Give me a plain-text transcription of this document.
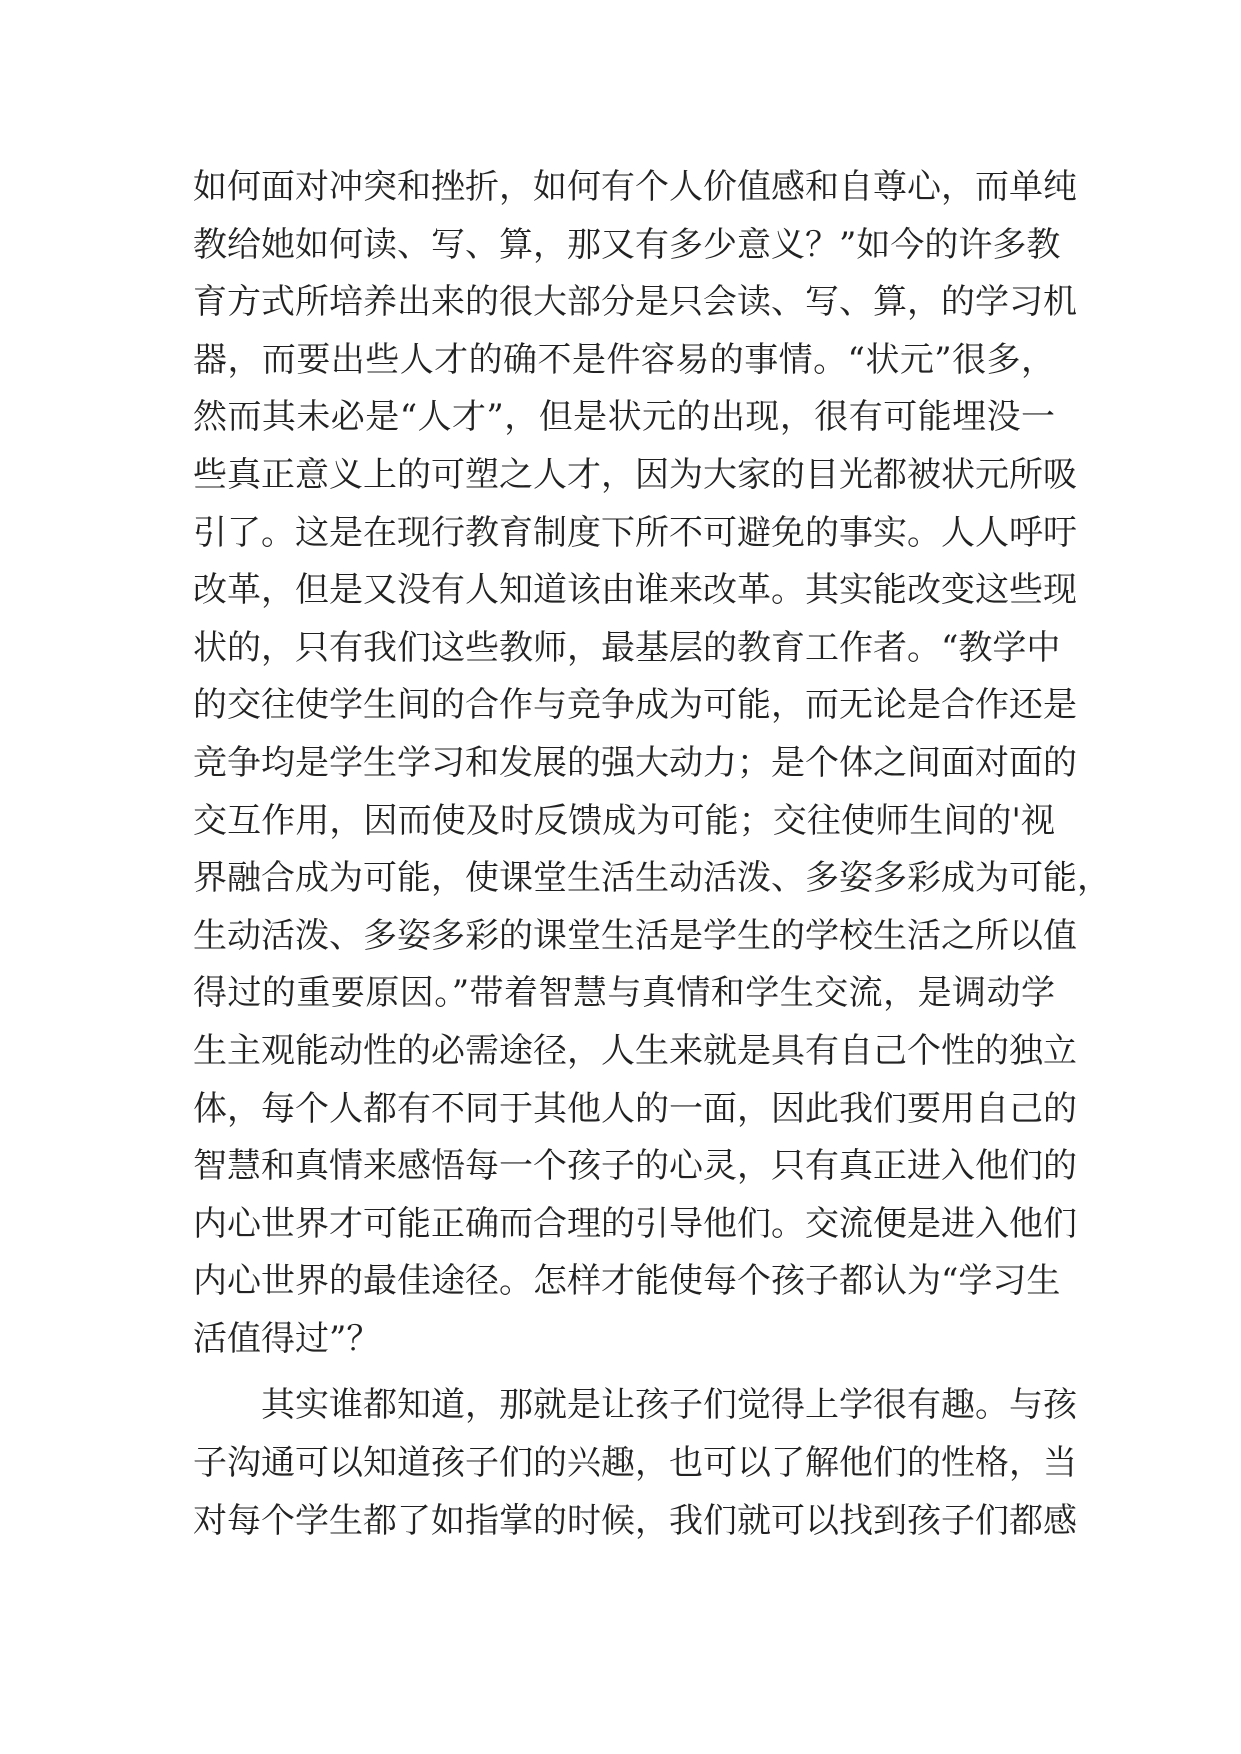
如何面对冲突和挫折，如何有个人价值感和自尊心，而单纯
教给她如何读、写、算，那又有多少意义？”如今的许多教
育方式所培养出来的很大部分是只会读、写、算，的学习机
器，而要出些人才的确不是件容易的事情。“状元”很多，
然而其未必是“人才”，但是状元的出现，很有可能埋没一
些真正意义上的可塑之人才，因为大家的目光都被状元所吸
引了。这是在现行教育制度下所不可避免的事实。人人呼吁
改革，但是又没有人知道该由谁来改革。其实能改变这些现
状的，只有我们这些教师，最基层的教育工作者。“教学中
的交往使学生间的合作与竞争成为可能，而无论是合作还是
竞争均是学生学习和发展的强大动力；是个体之间面对面的
交互作用，因而使及时反馈成为可能；交往使师生间的'视
界融合成为可能，使课堂生活生动活泼、多姿多彩成为可能，
生动活泼、多姿多彩的课堂生活是学生的学校生活之所以值
得过的重要原因。”带着智慧与真情和学生交流，是调动学
生主观能动性的必需途径，人生来就是具有自己个性的独立
体，每个人都有不同于其他人的一面，因此我们要用自己的
智慧和真情来感悟每一个孩子的心灵，只有真正进入他们的
内心世界才可能正确而合理的引导他们。交流便是进入他们
内心世界的最佳途径。怎样才能使每个孩子都认为“学习生
活值得过”？
　　其实谁都知道，那就是让孩子们觉得上学很有趣。与孩
子沟通可以知道孩子们的兴趣，也可以了解他们的性格，当
对每个学生都了如指掌的时候，我们就可以找到孩子们都感
